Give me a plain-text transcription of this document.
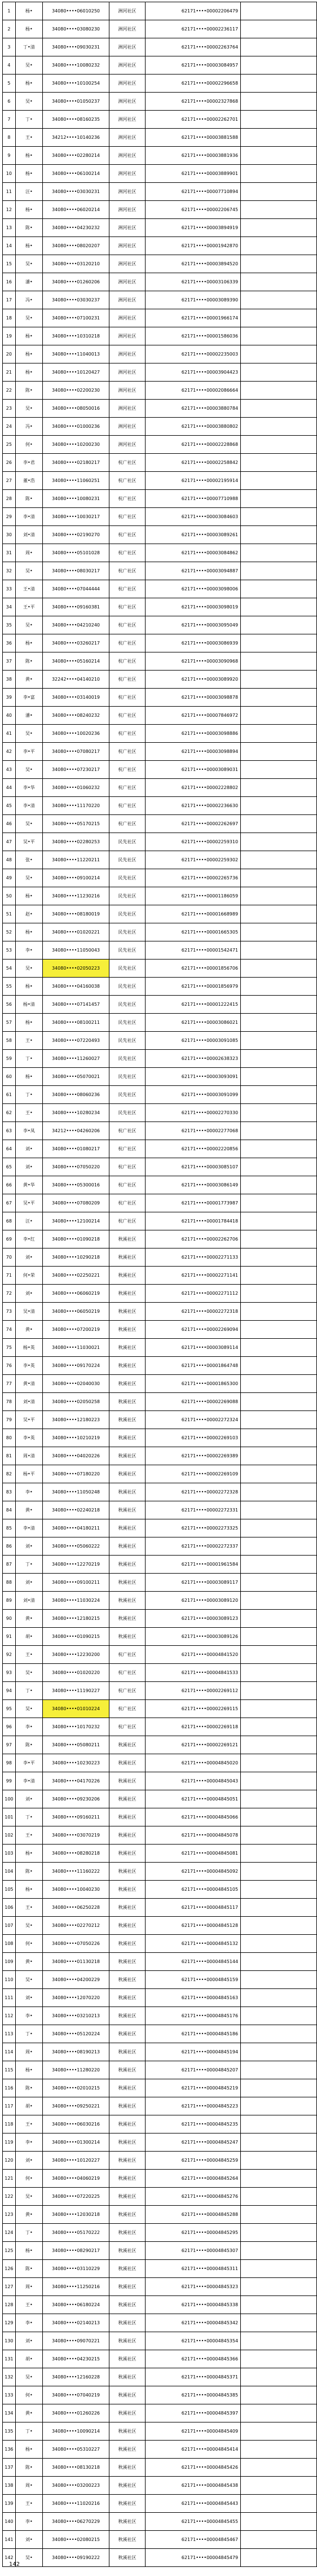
1	杨•	34080••••06010250	洲河社区	62171••••00002206479	
2	杨•	34080••••03080230	洲河社区	62171••••00002236117	
3	丁•清	34080••••09030231	洲河社区	62171••••00002263764	
4	吴•	34080••••10080232	洲河社区	62171••••00003084957	
5	杨•	34080••••10100254	洲河社区	62171••••00002296658	
6	吴•	34080••••01050237	洲河社区	62171••••00002327868	
7	丁•	34080••••08160235	洲河社区	62171••••00002262701	
8	王•	34212••••10140236	洲河社区	62171••••00003881588	
9	杨•	34080••••02280214	洲河社区	62171••••00003881936	
10	杨•	34080••••06100214	洲河社区	62171••••00003889901	
11	汪•	34080••••03030231	洲河社区	62171••••00007710894	
12	杨•	34080••••06020214	洲河社区	62171••••00002206745	
13	陈•	34080••••04230232	洲河社区	62171••••00003894919	
14	杨•	34080••••08020207	洲河社区	62171••••00001942870	
15	吴•	34080••••03120210	洲河社区	62171••••00003894520	
16	潘•	34080••••01260206	洲河社区	62171••••00003106339	
17	冯•	34080••••03030237	洲河社区	62171••••00003089390	
18	吴•	34080••••07100231	洲河社区	62171••••00001966174	
19	杨•	34080••••10310218	洲河社区	62171••••00001586036	
20	杨•	34080••••11040013	洲河社区	62171••••00002235003	
21	杨•	34080••••10120427	洲河社区	62171••••00003904423	
22	陈•	34080••••02200230	洲河社区	62171••••00002086664	
23	吴•	34080••••08050016	洲河社区	62171••••00003880784	
24	冯•	34080••••01000236	洲河社区	62171••••00003880802	
25	何•	34080••••10200230	洲河社区	62171••••00002228868	
26	李•君	34080••••02180217	杭广社区	62171••••00002258842	
27	董•浩	34080••••11060251	杭广社区	62171••••00002195914	
28	陈•	34080••••10080231	杭广社区	62171••••00007710988	
29	李•清	34080••••10030217	杭广社区	62171••••00003084603	
30	刘•清	34080••••02190270	杭广社区	62171••••00003089261	
31	周•	34080••••05101028	杭广社区	62171••••00003084862	
32	吴•	34080••••08030217	杭广社区	62171••••00003094887	
33	王•清	34080••••07044444	杭广社区	62171••••00003098006	
34	王•平	34080••••09160381	杭广社区	62171••••00003098019	
35	吴•	34080••••04210240	杭广社区	62171••••00003095049	
36	杨•	34080••••03260217	杭广社区	62171••••00003086939	
37	陈•	34080••••05160214	杭广社区	62171••••00003090968	
38	黄•	32242••••04140210	杭广社区	62171••••00003089920	
39	李•富	34080••••03140019	杭广社区	62171••••00003098878	
40	潘•	34080••••08240232	杭广社区	62171••••00007846972	
41	吴•	34080••••10020236	杭广社区	62171••••00003098886	
42	李•平	34080••••07080217	杭广社区	62171••••00003098894	
43	吴•	34080••••07230217	杭广社区	62171••••00003089031	
44	李•华	34080••••01060232	杭广社区	62171••••00002228802	
45	李•清	34080••••11170220	杭广社区	62171••••00002236630	
46	吴•	34080••••05170215	杭广社区	62171••••00002262697	
47	吴•平	34080••••02280253	民先社区	62171••••00002259310	
48	张•	34080••••11220211	民先社区	62171••••00002259302	
49	吴•	34080••••09100214	民先社区	62171••••00002265736	
50	杨•	34080••••11230216	民先社区	62171••••00001186059	
51	赵•	34080••••08180019	民先社区	62171••••00001668989	
52	杨•	34080••••01020221	民先社区	62171••••00001665305	
53	李•	34080••••11050043	民先社区	62171••••00001542471	
54	吴•	34080••••02050223	民先社区	62171••••00001856706	
55	杨•	34080••••04160038	民先社区	62171••••00001856979	
56	杨•清	34080••••07141457	民先社区	62171••••00001222415	
57	杨•	34080••••08100211	民先社区	62171••••00003086021	
58	王•	34080••••07220493	民先社区	62171••••00003091085	
59	丁•	34080••••11260027	民先社区	62171••••00002638323	
60	杨•	34080••••05070021	民先社区	62171••••00003093091	
61	丁•	34080••••08060236	民先社区	62171••••00003091099	
62	王•	34080••••10280234	民先社区	62171••••00002270330	
63	李•凤	34212••••04260206	杭广社区	62171••••00002277068	
64	刘•	34080••••01080217	杭广社区	62171••••00002220856	
65	刘•	34080••••07050220	杭广社区	62171••••00003085107	
66	黄•华	34080••••05300016	杭广社区	62171••••00003086149	
67	吴•平	34080••••07080209	杭广社区	62171••••00001773987	
68	汪•	34080••••12100214	杭广社区	62171••••00001784418	
69	李•红	34080••••01090218	秋溪社区	62171••••00002262706	
70	刘•	34080••••10290218	秋溪社区	62171••••00002271133	
71	何•荣	34080••••02250221	秋溪社区	62171••••00002271141	
72	刘•	34080••••06060219	秋溪社区	62171••••00002271112	
73	吴•清	34080••••06050219	秋溪社区	62171••••00002272318	
74	黄•	34080••••07200219	秋溪社区	62171••••00002269094	
75	杨•英	34080••••11030021	秋溪社区	62171••••00003089114	
76	李•英	34080••••09170224	秋溪社区	62171••••00001864748	
77	黄•清	34080••••02040030	秋溪社区	62171••••00001865300	
78	刘•清	34080••••02050258	秋溪社区	62171••••00002269088	
79	吴•平	34080••••12180223	秋溪社区	62171••••00002272324	
80	李•英	34080••••10210219	秋溪社区	62171••••00002269103	
81	周•清	34080••••04020226	秋溪社区	62171••••00002269389	
82	杨•平	34080••••07180220	秋溪社区	62171••••00002269109	
83	李•	34080••••11050248	秋溪社区	62171••••00002272328	
84	黄•	34080••••02240218	秋溪社区	62171••••00002272331	
85	李•清	34080••••04180211	秋溪社区	62171••••00002273325	
86	刘•	34080••••05060222	秋溪社区	62171••••00002272337	
87	丁•	34080••••12270219	秋溪社区	62171••••00001961584	
88	刘•	34080••••09100211	秋溪社区	62171••••00003089117	
89	刘•清	34080••••11030224	秋溪社区	62171••••00003089120	
90	黄•	34080••••12180215	秋溪社区	62171••••00003089123	
91	胡•	34080••••01090215	秋溪社区	62171••••00003089126	
92	王•	34080••••12230200	杭广社区	62171••••00004841520	
93	吴•	34080••••01020220	杭广社区	62171••••00004841533	
94	丁•	34080••••11190227	杭广社区	62171••••00002269112	
95	吴•	34080••••01010224	杭广社区	62171••••00002269115	
96	李•	34080••••10170232	杭广社区	62171••••00002269118	
97	陈•	34080••••05080211	秋溪社区	62171••••00002269121	
98	李•平	34080••••10230223	秋溪社区	62171••••00004845020	
99	李•清	34080••••04170226	秋溪社区	62171••••00004845043	
100	刘•	34080••••09230206	秋溪社区	62171••••00004845051	
101	丁•	34080••••09160211	秋溪社区	62171••••00004845066	
102	王•	34080••••03070219	秋溪社区	62171••••00004845078	
103	杨•	34080••••08280218	秋溪社区	62171••••00004845081	
104	陈•	34080••••11160222	秋溪社区	62171••••00004845092	
105	杨•	34080••••10040230	秋溪社区	62171••••00004845105	
106	王•	34080••••06250228	秋溪社区	62171••••00004845117	
107	吴•	34080••••02270212	秋溪社区	62171••••00004845128	
108	何•	34080••••07050226	秋溪社区	62171••••00004845132	
109	黄•	34080••••01130218	秋溪社区	62171••••00004845144	
110	吴•	34080••••04200229	秋溪社区	62171••••00004845159	
111	刘•	34080••••12070220	秋溪社区	62171••••00004845163	
112	李•	34080••••03210213	秋溪社区	62171••••00004845176	
113	丁•	34080••••05120224	秋溪社区	62171••••00004845186	
114	周•	34080••••08190213	秋溪社区	62171••••00004845194	
115	杨•	34080••••11280220	秋溪社区	62171••••00004845207	
116	陈•	34080••••02010215	秋溪社区	62171••••00004845219	
117	胡•	34080••••09250221	秋溪社区	62171••••00004845223	
118	王•	34080••••06030216	秋溪社区	62171••••00004845235	
119	李•	34080••••01300214	秋溪社区	62171••••00004845247	
120	刘•	34080••••10120227	秋溪社区	62171••••00004845259	
121	何•	34080••••04060219	秋溪社区	62171••••00004845264	
122	吴•	34080••••07220225	秋溪社区	62171••••00004845276	
123	黄•	34080••••12030218	秋溪社区	62171••••00004845288	
124	丁•	34080••••05170222	秋溪社区	62171••••00004845295	
125	杨•	34080••••08290217	秋溪社区	62171••••00004845307	
126	陈•	34080••••03110229	秋溪社区	62171••••00004845311	
127	周•	34080••••11250216	秋溪社区	62171••••00004845323	
128	王•	34080••••06180224	秋溪社区	62171••••00004845338	
129	李•	34080••••02140213	秋溪社区	62171••••00004845342	
130	刘•	34080••••09070221	秋溪社区	62171••••00004845354	
131	胡•	34080••••04230215	秋溪社区	62171••••00004845366	
132	吴•	34080••••12160228	秋溪社区	62171••••00004845371	
133	何•	34080••••07040219	秋溪社区	62171••••00004845385	
134	黄•	34080••••01260226	秋溪社区	62171••••00004845397	
135	丁•	34080••••10090214	秋溪社区	62171••••00004845409	
136	杨•	34080••••05310227	秋溪社区	62171••••00004845414	
137	陈•	34080••••08130218	秋溪社区	62171••••00004845426	
138	周•	34080••••03200223	秋溪社区	62171••••00004845438	
139	王•	34080••••11020216	秋溪社区	62171••••00004845443	
140	李•	34080••••06270229	秋溪社区	62171••••00004845455	
141	刘•	34080••••02080215	秋溪社区	62171••••00004845467	
142	吴•	34080••••09190222	秋溪社区	62171••••00004845479	
142
